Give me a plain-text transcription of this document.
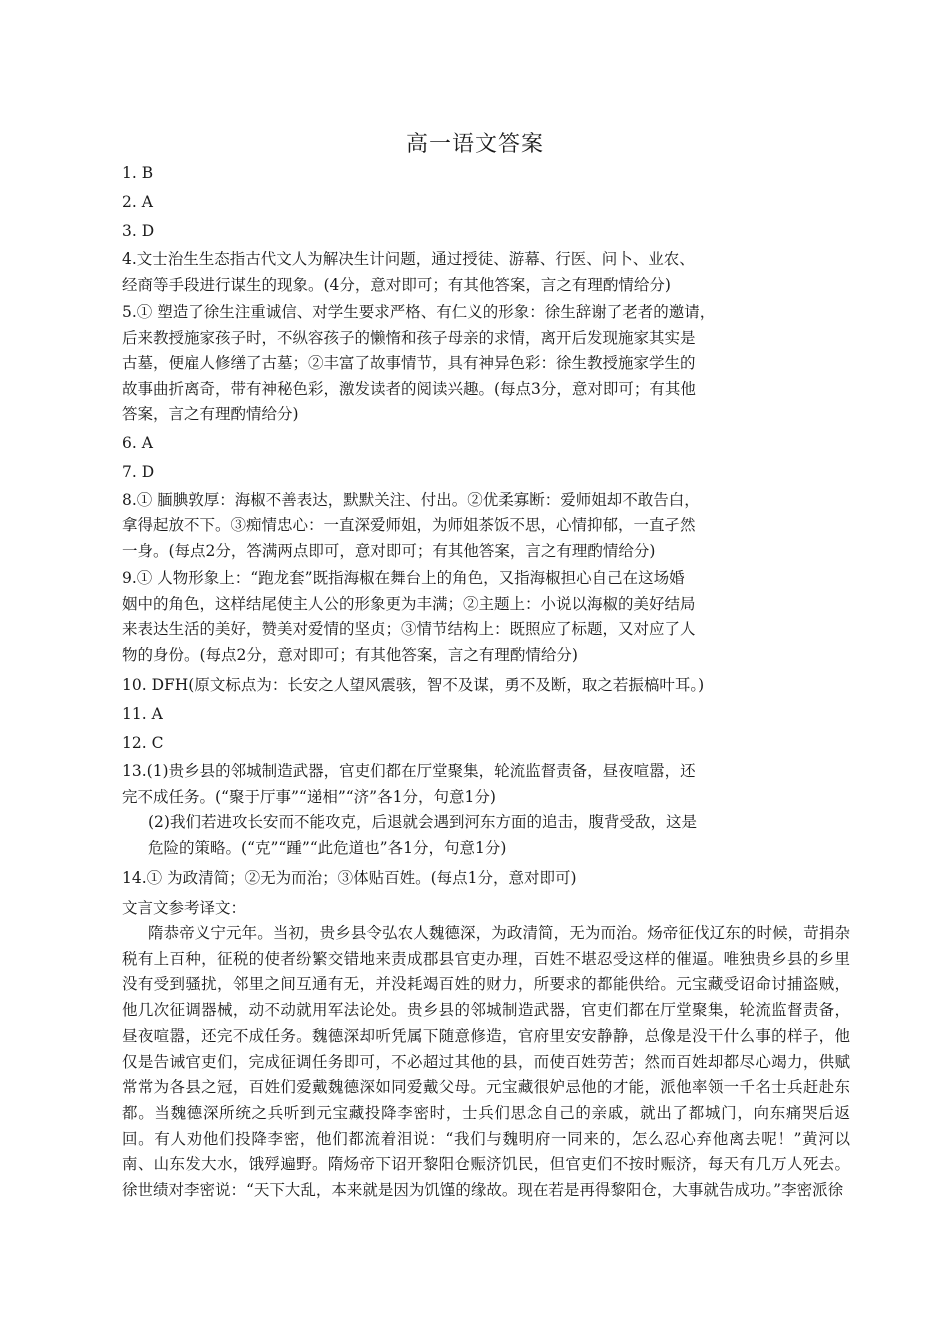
高一语文答案

1. B

2. A

3. D

4.文士治生生态指古代文人为解决生计问题，通过授徒、游幕、行医、问卜、业农、

经商等手段进行谋生的现象。(4分，意对即可；有其他答案，言之有理酌情给分)

5.① 塑造了徐生注重诚信、对学生要求严格、有仁义的形象：徐生辞谢了老者的邀请，

后来教授施家孩子时，不纵容孩子的懒惰和孩子母亲的求情，离开后发现施家其实是

古墓，便雇人修缮了古墓；②丰富了故事情节，具有神异色彩：徐生教授施家学生的

故事曲折离奇，带有神秘色彩，激发读者的阅读兴趣。(每点3分，意对即可；有其他

答案，言之有理酌情给分)

6. A

7. D

8.① 腼腆敦厚：海椒不善表达，默默关注、付出。②优柔寡断：爱师姐却不敢告白，

拿得起放不下。③痴情忠心：一直深爱师姐，为师姐茶饭不思，心情抑郁，一直孑然

一身。(每点2分，答满两点即可，意对即可；有其他答案，言之有理酌情给分)

9.① 人物形象上：“跑龙套”既指海椒在舞台上的角色，又指海椒担心自己在这场婚

姻中的角色，这样结尾使主人公的形象更为丰满；②主题上：小说以海椒的美好结局

来表达生活的美好，赞美对爱情的坚贞；③情节结构上：既照应了标题，又对应了人

物的身份。(每点2分，意对即可；有其他答案，言之有理酌情给分)

10. DFH(原文标点为：长安之人望风震骇，智不及谋，勇不及断，取之若振槁叶耳。)

11. A

12. C

13.(1)贵乡县的邻城制造武器，官吏们都在厅堂聚集，轮流监督责备，昼夜喧嚣，还

完不成任务。(“聚于厅事”“递相”“济”各1分，句意1分)

(2)我们若进攻长安而不能攻克，后退就会遇到河东方面的追击，腹背受敌，这是

危险的策略。(“克”“踵”“此危道也”各1分，句意1分)

14.① 为政清简；②无为而治；③体贴百姓。(每点1分，意对即可)

文言文参考译文：

隋恭帝义宁元年。当初，贵乡县令弘农人魏德深，为政清简，无为而治。炀帝征伐辽东的时候，苛捐杂税有上百种，征税的使者纷繁交错地来责成郡县官吏办理，百姓不堪忍受这样的催逼。唯独贵乡县的乡里没有受到骚扰，邻里之间互通有无，并没耗竭百姓的财力，所要求的都能供给。元宝藏受诏命讨捕盗贼，他几次征调器械，动不动就用军法论处。贵乡县的邻城制造武器，官吏们都在厅堂聚集，轮流监督责备，昼夜喧嚣，还完不成任务。魏德深却听凭属下随意修造，官府里安安静静，总像是没干什么事的样子，他仅是告诫官吏们，完成征调任务即可，不必超过其他的县，而使百姓劳苦；然而百姓却都尽心竭力，供赋常常为各县之冠，百姓们爱戴魏德深如同爱戴父母。元宝藏很妒忌他的才能，派他率领一千名士兵赶赴东都。当魏德深所统之兵听到元宝藏投降李密时，士兵们思念自己的亲戚，就出了都城门，向东痛哭后返回。有人劝他们投降李密，他们都流着泪说：“我们与魏明府一同来的，怎么忍心弃他离去呢！”黄河以南、山东发大水，饿殍遍野。隋炀帝下诏开黎阳仓赈济饥民，但官吏们不按时赈济，每天有几万人死去。徐世绩对李密说：“天下大乱，本来就是因为饥馑的缘故。现在若是再得黎阳仓，大事就告成功。”李密派徐
